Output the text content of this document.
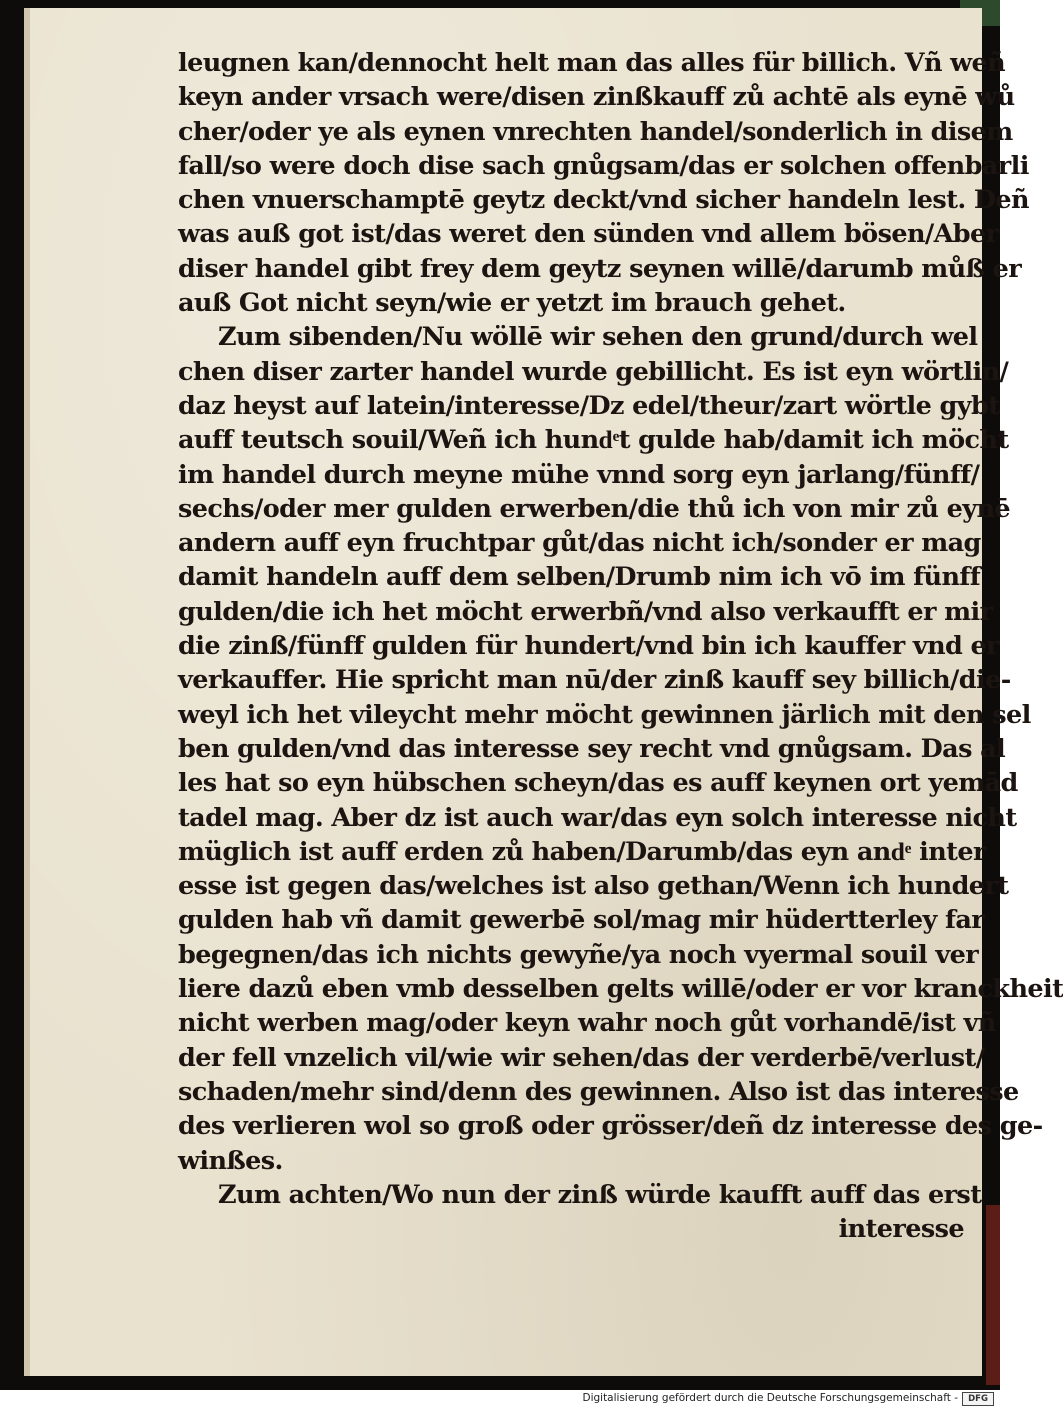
leugnen kan/dennocht helt man das alles für billich. Vñ weñ
keyn ander vrsach were/disen zinßkauff zů achtē als eynē wů
cher/oder ye als eynen vnrechten handel/sonderlich in disem
fall/so were doch dise sach gnůgsam/das er solchen offenbarli
chen vnuerschamptē geytz deckt/vnd sicher handeln lest. Deñ
was auß got ist/das weret den sünden vnd allem bösen/Aber
diser handel gibt frey dem geytz seynen willē/darumb můß er
auß Got nicht seyn/wie er yetzt im brauch gehet.
Zum sibenden/Nu wöllē wir sehen den grund/durch wel
chen diser zarter handel wurde gebillicht. Es ist eyn wörtlin/
daz heyst auf latein/interesse/Dz edel/theur/zart wörtle gybt
auff teutsch souil/Weñ ich hundͤt gulde hab/damit ich möcht
im handel durch meyne mühe vnnd sorg eyn jarlang/fünff/
sechs/oder mer gulden erwerben/die thů ich von mir zů eynē
andern auff eyn fruchtpar gůt/das nicht ich/sonder er mag
damit handeln auff dem selben/Drumb nim ich vō im fünff
gulden/die ich het möcht erwerbñ/vnd also verkaufft er mir
die zinß/fünff gulden für hundert/vnd bin ich kauffer vnd er
verkauffer. Hie spricht man nū/der zinß kauff sey billich/die-
weyl ich het vileycht mehr möcht gewinnen järlich mit den sel
ben gulden/vnd das interesse sey recht vnd gnůgsam. Das al
les hat so eyn hübschen scheyn/das es auff keynen ort yemād
tadel mag. Aber dz ist auch war/das eyn solch interesse nicht
müglich ist auff erden zů haben/Darumb/das eyn andͤ inter
esse ist gegen das/welches ist also gethan/Wenn ich hundert
gulden hab vñ damit gewerbē sol/mag mir hüdertterley far
begegnen/das ich nichts gewyñe/ya noch vyermal souil ver
liere dazů eben vmb desselben gelts willē/oder er vor kranckheit
nicht werben mag/oder keyn wahr noch gůt vorhandē/ist vñ
der fell vnzelich vil/wie wir sehen/das der verderbē/verlust/
schaden/mehr sind/denn des gewinnen. Also ist das interesse
des verlieren wol so groß oder grösser/deñ dz interesse des ge-
winßes.
Zum achten/Wo nun der zinß würde kaufft auff das erst
interesse
Digitalisierung gefördert durch die Deutsche Forschungsgemeinschaft -	DFG
